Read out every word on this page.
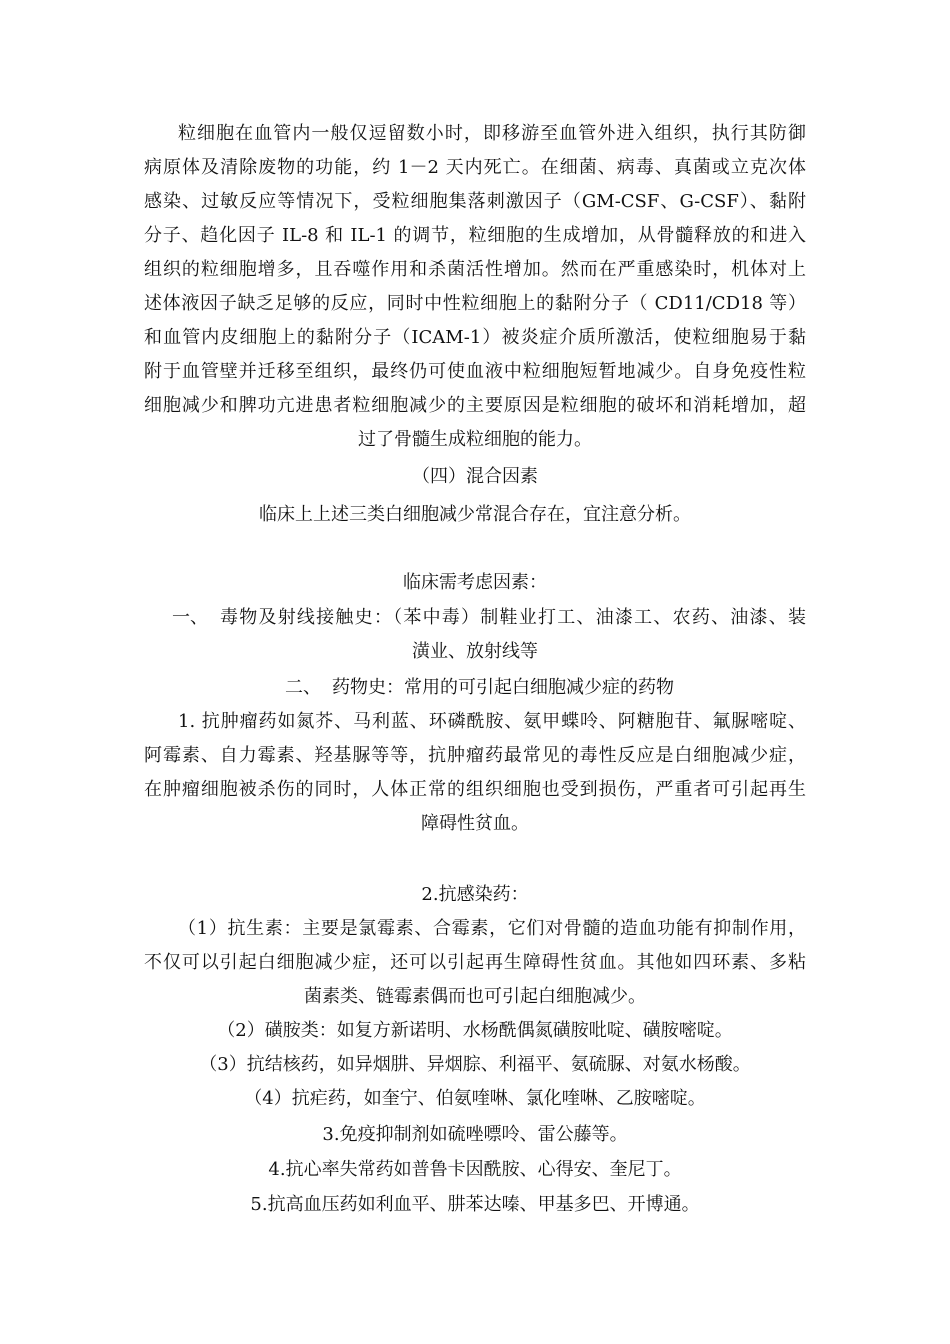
粒细胞在血管内一般仅逗留数小时，即移游至血管外进入组织，执行其防御

病原体及清除废物的功能，约 1－2 天内死亡。在细菌、病毒、真菌或立克次体

感染、过敏反应等情况下，受粒细胞集落刺激因子（GM-CSF、G-CSF）、黏附

分子、趋化因子 IL-8 和 IL-1 的调节，粒细胞的生成增加，从骨髓释放的和进入

组织的粒细胞增多，且吞噬作用和杀菌活性增加。然而在严重感染时，机体对上

述体液因子缺乏足够的反应，同时中性粒细胞上的黏附分子（ CD11/CD18 等）

和血管内皮细胞上的黏附分子（ICAM-1）被炎症介质所激活，使粒细胞易于黏

附于血管壁并迁移至组织，最终仍可使血液中粒细胞短暂地减少。自身免疫性粒

细胞减少和脾功亢进患者粒细胞减少的主要原因是粒细胞的破坏和消耗增加，超

过了骨髓生成粒细胞的能力。

（四）混合因素

临床上上述三类白细胞减少常混合存在，宜注意分析。

临床需考虑因素：

一、 毒物及射线接触史：（苯中毒）制鞋业打工、油漆工、农药、油漆、装

潢业、放射线等

二、 药物史：常用的可引起白细胞减少症的药物

1. 抗肿瘤药如氮芥、马利蓝、环磷酰胺、氨甲蝶呤、阿糖胞苷、氟脲嘧啶、

阿霉素、自力霉素、羟基脲等等，抗肿瘤药最常见的毒性反应是白细胞减少症，

在肿瘤细胞被杀伤的同时，人体正常的组织细胞也受到损伤，严重者可引起再生

障碍性贫血。

2.抗感染药：

（1）抗生素：主要是氯霉素、合霉素，它们对骨髓的造血功能有抑制作用，

不仅可以引起白细胞减少症，还可以引起再生障碍性贫血。其他如四环素、多粘

菌素类、链霉素偶而也可引起白细胞减少。

（2）磺胺类：如复方新诺明、水杨酰偶氮磺胺吡啶、磺胺嘧啶。

（3）抗结核药，如异烟肼、异烟腙、利福平、氨硫脲、对氨水杨酸。

（4）抗疟药，如奎宁、伯氨喹啉、氯化喹啉、乙胺嘧啶。

3.免疫抑制剂如硫唑嘌呤、雷公藤等。

4.抗心率失常药如普鲁卡因酰胺、心得安、奎尼丁。

5.抗高血压药如利血平、肼苯达嗪、甲基多巴、开博通。
